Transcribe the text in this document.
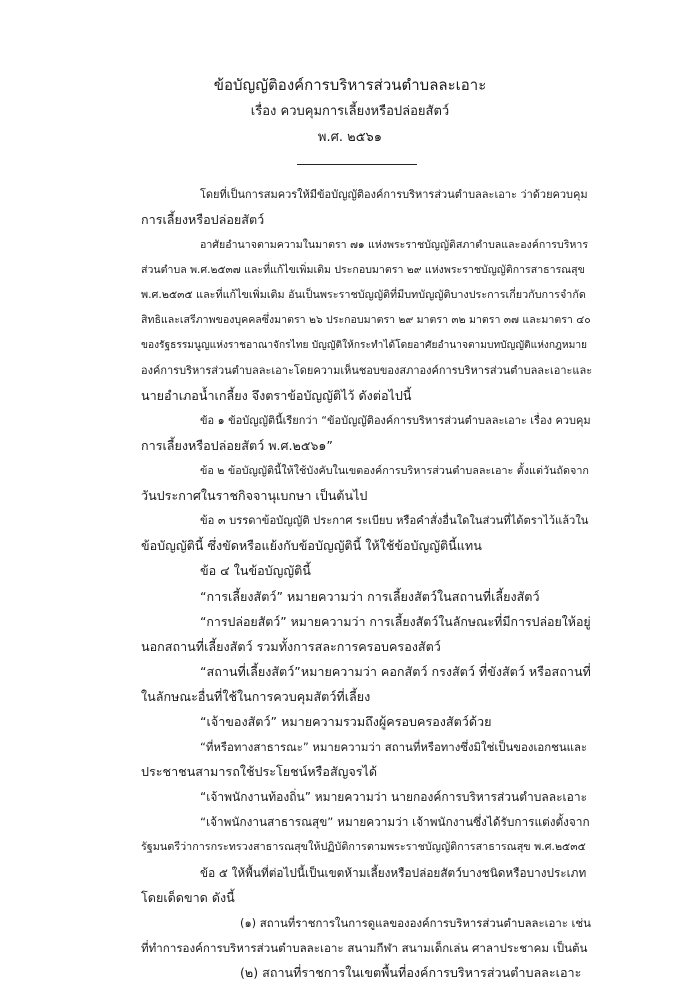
ข้อบัญญัติองค์การบริหารส่วนตำบลละเอาะ
เรื่อง ควบคุมการเลี้ยงหรือปล่อยสัตว์
พ.ศ. ๒๕๖๑
โดยที่เป็นการสมควรให้มีข้อบัญญัติองค์การบริหารส่วนตำบลละเอาะ ว่าด้วยควบคุม
การเลี้ยงหรือปล่อยสัตว์
อาศัยอำนาจตามความในมาตรา ๗๑ แห่งพระราชบัญญัติสภาตำบลและองค์การบริหาร
ส่วนตำบล พ.ศ.๒๕๓๗ และที่แก้ไขเพิ่มเติม ประกอบมาตรา ๒๙ แห่งพระราชบัญญัติการสาธารณสุข
พ.ศ.๒๕๓๕ และที่แก้ไขเพิ่มเติม อันเป็นพระราชบัญญัติที่มีบทบัญญัติบางประการเกี่ยวกับการจำกัด
สิทธิและเสรีภาพของบุคคลซึ่งมาตรา ๒๖ ประกอบมาตรา ๒๙ มาตรา ๓๒ มาตรา ๓๗ และมาตรา ๔๐
ของรัฐธรรมนูญแห่งราชอาณาจักรไทย บัญญัติให้กระทำได้โดยอาศัยอำนาจตามบทบัญญัติแห่งกฎหมาย
องค์การบริหารส่วนตำบลละเอาะโดยความเห็นชอบของสภาองค์การบริหารส่วนตำบลละเอาะและ
นายอำเภอน้ำเกลี้ยง จึงตราข้อบัญญัติไว้ ดังต่อไปนี้
ข้อ ๑ ข้อบัญญัตินี้เรียกว่า “ข้อบัญญัติองค์การบริหารส่วนตำบลละเอาะ เรื่อง ควบคุม
การเลี้ยงหรือปล่อยสัตว์ พ.ศ.๒๕๖๑”
ข้อ ๒ ข้อบัญญัตินี้ให้ใช้บังคับในเขตองค์การบริหารส่วนตำบลละเอาะ ตั้งแต่วันถัดจาก
วันประกาศในราชกิจจานุเบกษา เป็นต้นไป
ข้อ ๓ บรรดาข้อบัญญัติ ประกาศ ระเบียบ หรือคำสั่งอื่นใดในส่วนที่ได้ตราไว้แล้วใน
ข้อบัญญัตินี้ ซึ่งขัดหรือแย้งกับข้อบัญญัตินี้ ให้ใช้ข้อบัญญัตินี้แทน
ข้อ ๔ ในข้อบัญญัตินี้
“การเลี้ยงสัตว์” หมายความว่า การเลี้ยงสัตว์ในสถานที่เลี้ยงสัตว์
“การปล่อยสัตว์” หมายความว่า การเลี้ยงสัตว์ในลักษณะที่มีการปล่อยให้อยู่
นอกสถานที่เลี้ยงสัตว์ รวมทั้งการสละการครอบครองสัตว์
“สถานที่เลี้ยงสัตว์”หมายความว่า คอกสัตว์ กรงสัตว์ ที่ขังสัตว์ หรือสถานที่
ในลักษณะอื่นที่ใช้ในการควบคุมสัตว์ที่เลี้ยง
“เจ้าของสัตว์” หมายความรวมถึงผู้ครอบครองสัตว์ด้วย
“ที่หรือทางสาธารณะ” หมายความว่า สถานที่หรือทางซึ่งมิใช่เป็นของเอกชนและ
ประชาชนสามารถใช้ประโยชน์หรือสัญจรได้
“เจ้าพนักงานท้องถิ่น” หมายความว่า นายกองค์การบริหารส่วนตำบลละเอาะ
“เจ้าพนักงานสาธารณสุข” หมายความว่า เจ้าพนักงานซึ่งได้รับการแต่งตั้งจาก
รัฐมนตรีว่าการกระทรวงสาธารณสุขให้ปฏิบัติการตามพระราชบัญญัติการสาธารณสุข พ.ศ.๒๕๓๕
ข้อ ๕ ให้พื้นที่ต่อไปนี้เป็นเขตห้ามเลี้ยงหรือปล่อยสัตว์บางชนิดหรือบางประเภท
โดยเด็ดขาด ดังนี้
(๑) สถานที่ราชการในการดูแลขององค์การบริหารส่วนตำบลละเอาะ เช่น
ที่ทำการองค์การบริหารส่วนตำบลละเอาะ สนามกีฬา สนามเด็กเล่น ศาลาประชาคม เป็นต้น
(๒) สถานที่ราชการในเขตพื้นที่องค์การบริหารส่วนตำบลละเอาะ
